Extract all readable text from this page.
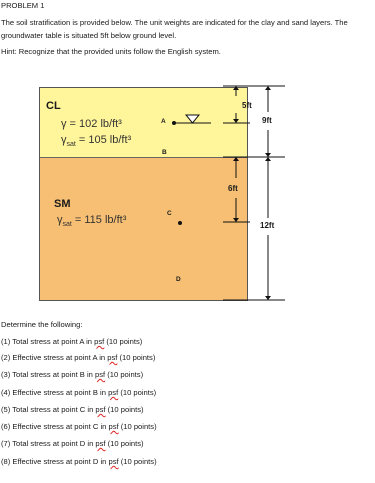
PROBLEM 1
The soil stratification is provided below. The unit weights are indicated for the clay and sand layers. The
groundwater table is situated 5ft below ground level.
Hint: Recognize that the provided units follow the English system.
CL
γ = 102 lb/ft³
$\gamma_{sat} = 105$ lb/ft³
SM
$\gamma_{sat} = 115$ lb/ft³
A
B
C
D
5ft
9ft
6ft
12ft
Determine the following:
(1) Total stress at point A in psf (10 points)
(2) Effective stress at point A in psf (10 points)
(3) Total stress at point B in psf (10 points)
(4) Effective stress at point B in psf (10 points)
(5) Total stress at point C in psf (10 points)
(6) Effective stress at point C in psf (10 points)
(7) Total stress at point D in psf (10 points)
(8) Effective stress at point D in psf (10 points)
